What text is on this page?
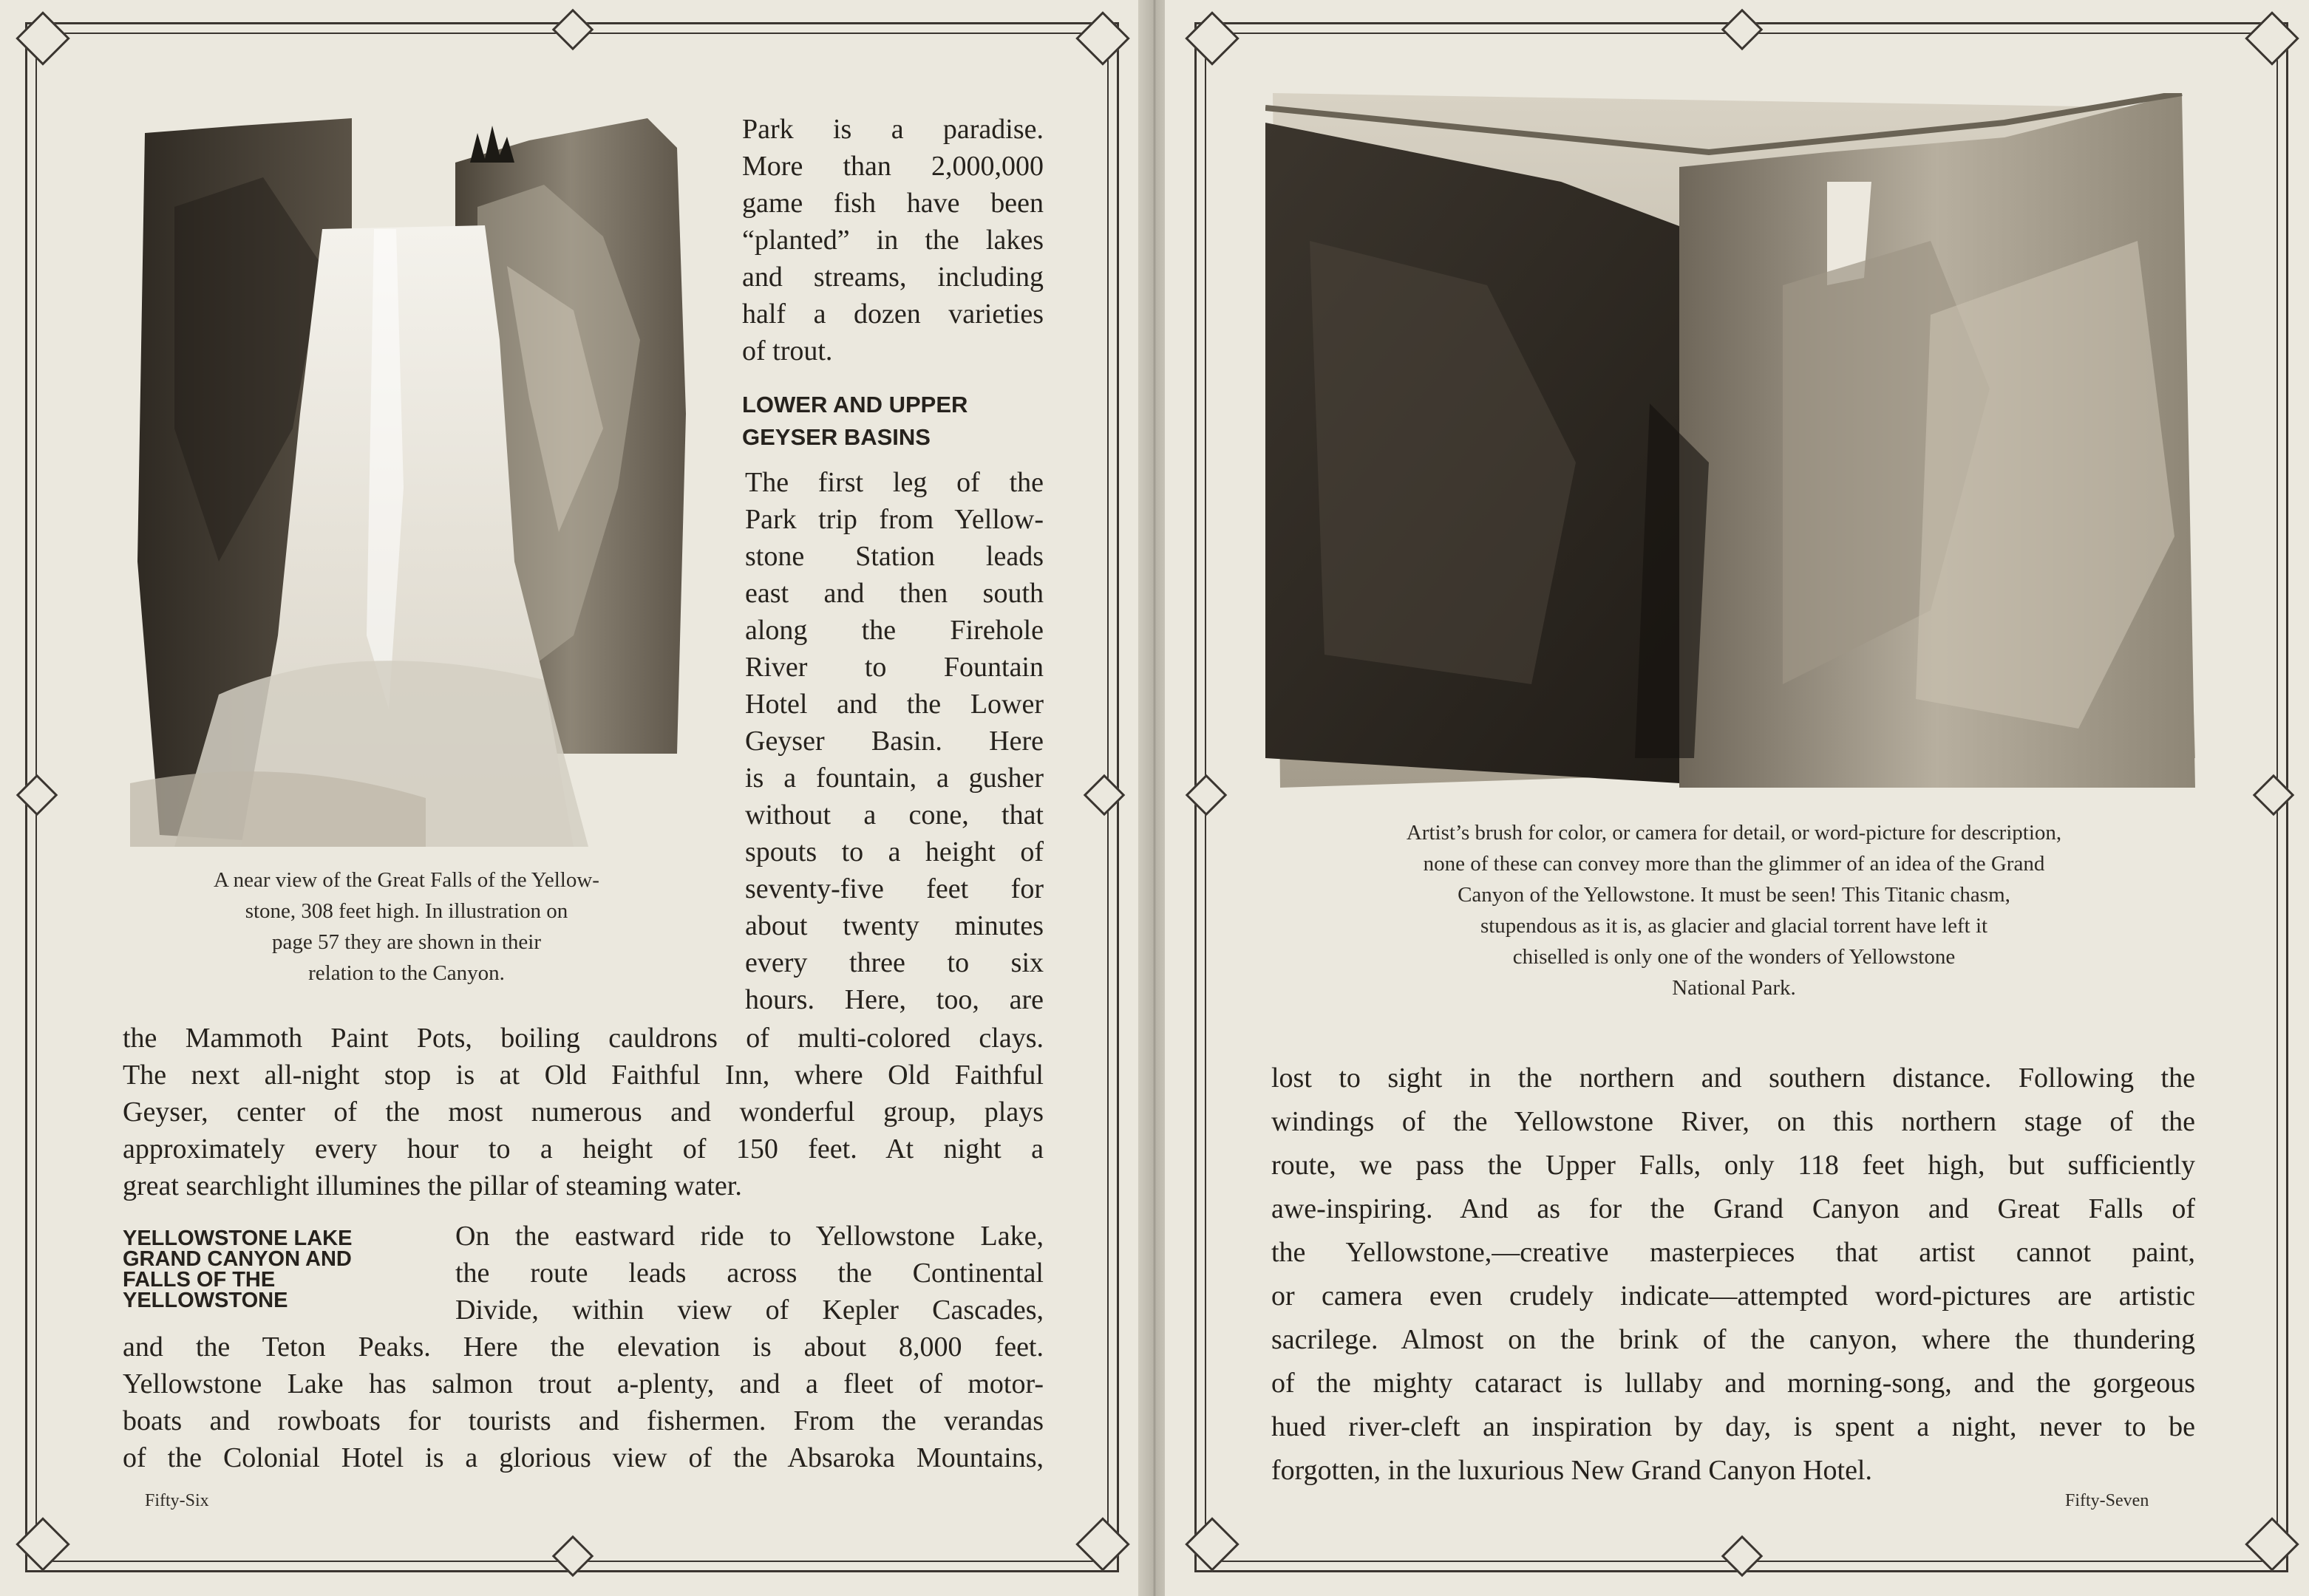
A near view of the Great Falls of the Yellow-
stone, 308 feet high. In illustration on
page 57 they are shown in their
relation to the Canyon.
Park is a paradise.
More than 2,000,000
game fish have been
“planted” in the lakes
and streams, including
half a dozen varieties
of trout.
LOWER AND UPPER
GEYSER BASINS
The first leg of the
Park trip from Yellow-
stone Station leads
east and then south
along the Firehole
River to Fountain
Hotel and the Lower
Geyser Basin. Here
is a fountain, a gusher
without a cone, that
spouts to a height of
seventy-five feet for
about twenty minutes
every three to six
hours. Here, too, are
the Mammoth Paint Pots, boiling cauldrons of multi-colored clays.
The next all-night stop is at Old Faithful Inn, where Old Faithful
Geyser, center of the most numerous and wonderful group, plays
approximately every hour to a height of 150 feet. At night a
great searchlight illumines the pillar of steaming water.
YELLOWSTONE LAKE
GRAND CANYON AND
FALLS OF THE
YELLOWSTONE
On the eastward ride to Yellowstone Lake,
the route leads across the Continental
Divide, within view of Kepler Cascades,
and the Teton Peaks. Here the elevation is about 8,000 feet.
Yellowstone Lake has salmon trout a-plenty, and a fleet of motor-
boats and rowboats for tourists and fishermen. From the verandas
of the Colonial Hotel is a glorious view of the Absaroka Mountains,
Fifty-Six
Artist’s brush for color, or camera for detail, or word-picture for description,
none of these can convey more than the glimmer of an idea of the Grand
Canyon of the Yellowstone. It must be seen! This Titanic chasm,
stupendous as it is, as glacier and glacial torrent have left it
chiselled is only one of the wonders of Yellowstone
National Park.
lost to sight in the northern and southern distance. Following the
windings of the Yellowstone River, on this northern stage of the
route, we pass the Upper Falls, only 118 feet high, but sufficiently
awe-inspiring. And as for the Grand Canyon and Great Falls of
the Yellowstone,—creative masterpieces that artist cannot paint,
or camera even crudely indicate—attempted word-pictures are artistic
sacrilege. Almost on the brink of the canyon, where the thundering
of the mighty cataract is lullaby and morning-song, and the gorgeous
hued river-cleft an inspiration by day, is spent a night, never to be
forgotten, in the luxurious New Grand Canyon Hotel.
Fifty-Seven
